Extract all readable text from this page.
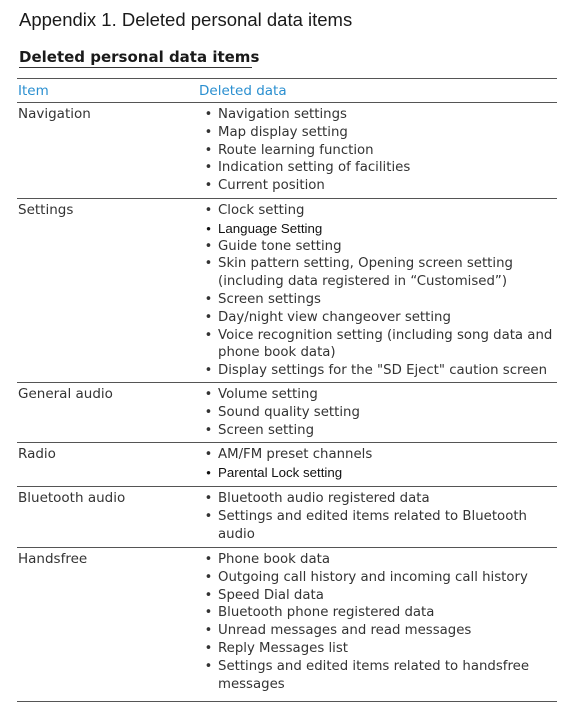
Appendix 1. Deleted personal data items
Deleted personal data items
Item	Deleted data
Navigation	• Navigation settings
• Map display setting
• Route learning function
• Indication setting of facilities
• Current position
Settings	• Clock setting
• Language Setting
• Guide tone setting
• Skin pattern setting, Opening screen setting (including data registered in “Customised”)
• Screen settings
• Day/night view changeover setting
• Voice recognition setting (including song data and phone book data)
• Display settings for the "SD Eject" caution screen
General audio	• Volume setting
• Sound quality setting
• Screen setting
Radio	• AM/FM preset channels
• Parental Lock setting
Bluetooth audio	• Bluetooth audio registered data
• Settings and edited items related to Bluetooth audio
Handsfree	• Phone book data
• Outgoing call history and incoming call history
• Speed Dial data
• Bluetooth phone registered data
• Unread messages and read messages
• Reply Messages list
• Settings and edited items related to handsfree messages
